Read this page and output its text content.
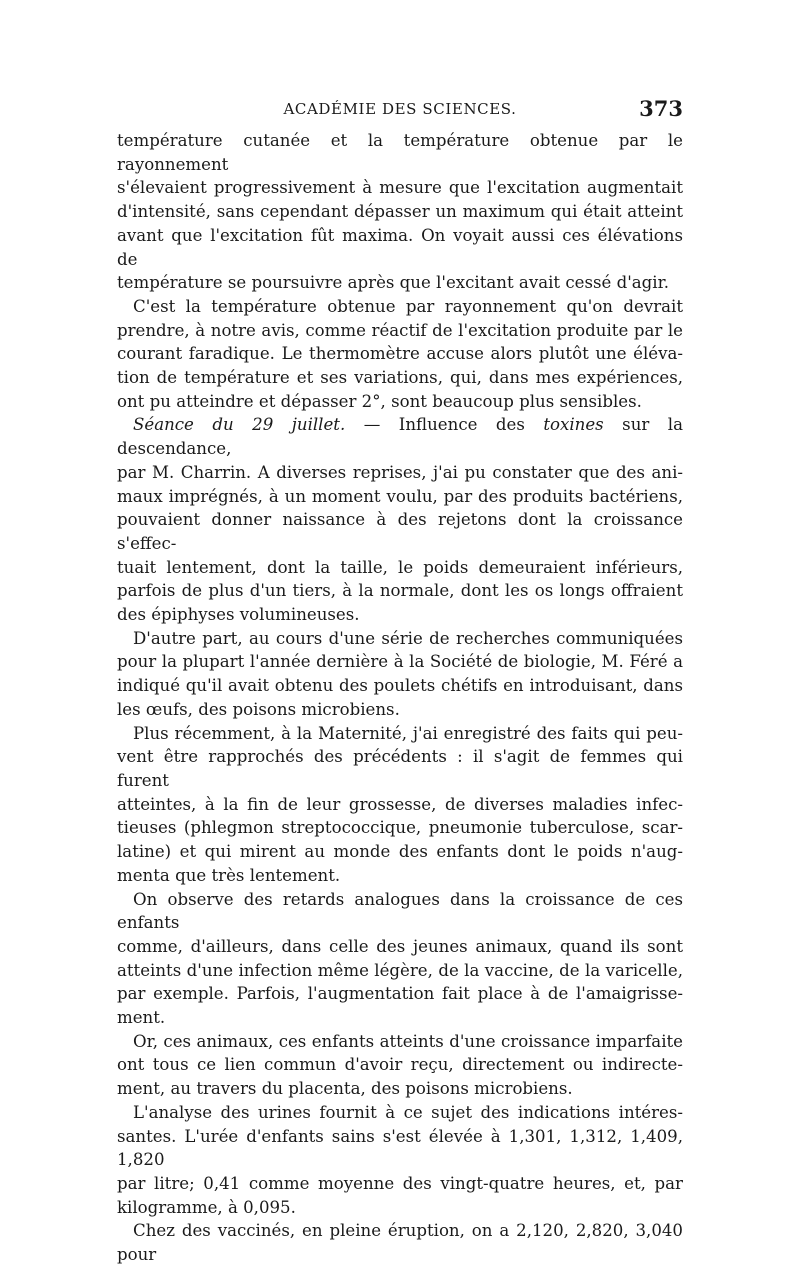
ACADÉMIE DES SCIENCES.	373

température cutanée et la température obtenue par le rayonnement

s'élevaient progressivement à mesure que l'excitation augmentait

d'intensité, sans cependant dépasser un maximum qui était atteint

avant que l'excitation fût maxima. On voyait aussi ces élévations de

température se poursuivre après que l'excitant avait cessé d'agir.

C'est la température obtenue par rayonnement qu'on devrait

prendre, à notre avis, comme réactif de l'excitation produite par le

courant faradique. Le thermomètre accuse alors plutôt une éléva-

tion de température et ses variations, qui, dans mes expériences,

ont pu atteindre et dépasser 2°, sont beaucoup plus sensibles.

Séance du 29 juillet. — Influence des toxines sur la descendance,

par M. Charrin. A diverses reprises, j'ai pu constater que des ani-

maux imprégnés, à un moment voulu, par des produits bactériens,

pouvaient donner naissance à des rejetons dont la croissance s'effec-

tuait lentement, dont la taille, le poids demeuraient inférieurs,

parfois de plus d'un tiers, à la normale, dont les os longs offraient

des épiphyses volumineuses.

D'autre part, au cours d'une série de recherches communiquées

pour la plupart l'année dernière à la Société de biologie, M. Féré a

indiqué qu'il avait obtenu des poulets chétifs en introduisant, dans

les œufs, des poisons microbiens.

Plus récemment, à la Maternité, j'ai enregistré des faits qui peu-

vent être rapprochés des précédents : il s'agit de femmes qui furent

atteintes, à la fin de leur grossesse, de diverses maladies infec-

tieuses (phlegmon streptococcique, pneumonie tuberculose, scar-

latine) et qui mirent au monde des enfants dont le poids n'aug-

menta que très lentement.

On observe des retards analogues dans la croissance de ces enfants

comme, d'ailleurs, dans celle des jeunes animaux, quand ils sont

atteints d'une infection même légère, de la vaccine, de la varicelle,

par exemple. Parfois, l'augmentation fait place à de l'amaigrisse-

ment.

Or, ces animaux, ces enfants atteints d'une croissance imparfaite

ont tous ce lien commun d'avoir reçu, directement ou indirecte-

ment, au travers du placenta, des poisons microbiens.

L'analyse des urines fournit à ce sujet des indications intéres-

santes. L'urée d'enfants sains s'est élevée à 1,301, 1,312, 1,409, 1,820

par litre; 0,41 comme moyenne des vingt-quatre heures, et, par

kilogramme, à 0,095.

Chez des vaccinés, en pleine éruption, on a 2,120, 2,820, 3,040 pour
